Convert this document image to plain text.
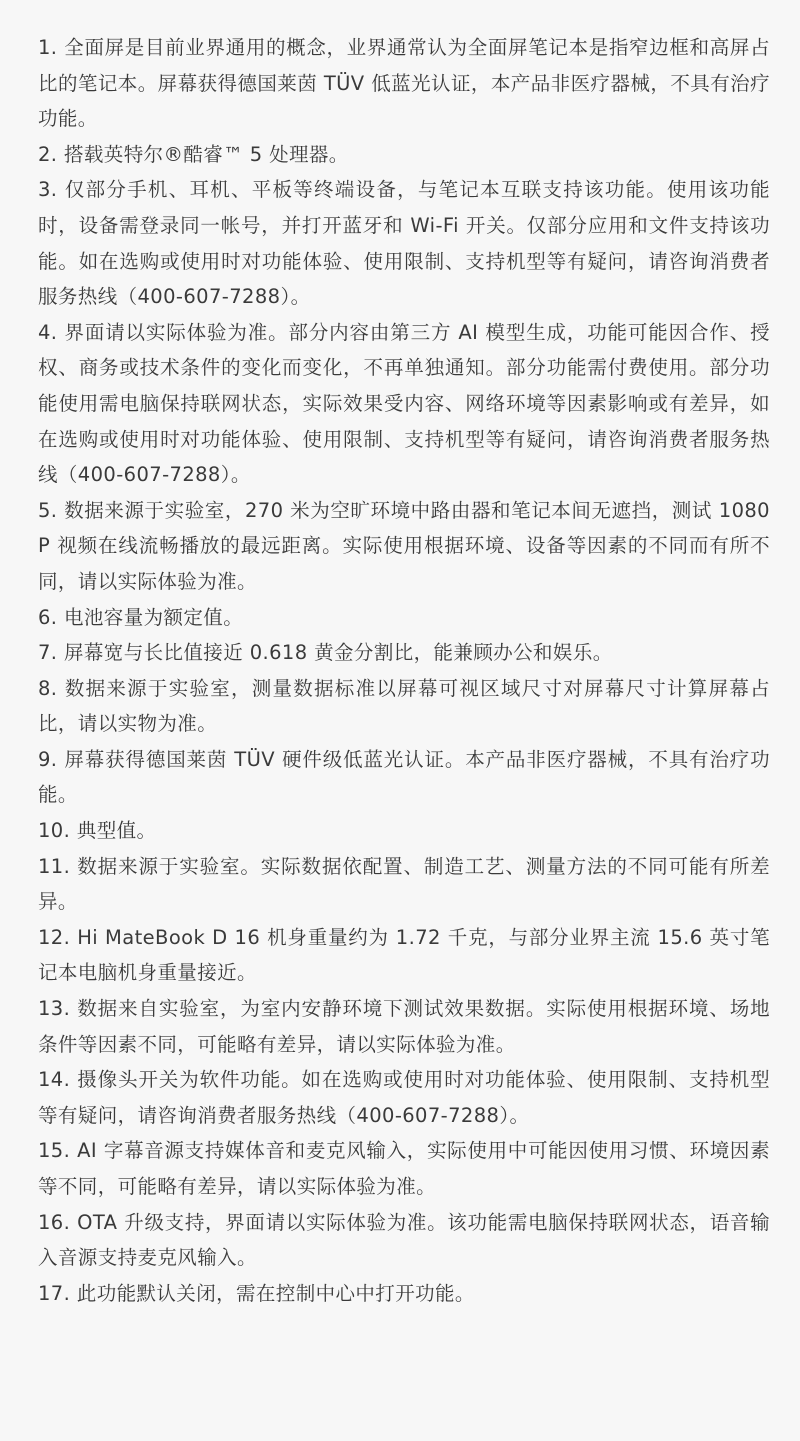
1. 全面屏是目前业界通用的概念，业界通常认为全面屏笔记本是指窄边框和高屏占比的笔记本。屏幕获得德国莱茵 TÜV 低蓝光认证，本产品非医疗器械，不具有治疗功能。
2. 搭载英特尔®酷睿™ 5 处理器。
3. 仅部分手机、耳机、平板等终端设备，与笔记本互联支持该功能。使用该功能时，设备需登录同一帐号，并打开蓝牙和 Wi-Fi 开关。仅部分应用和文件支持该功能。如在选购或使用时对功能体验、使用限制、支持机型等有疑问，请咨询消费者服务热线（400-607-7288）。
4. 界面请以实际体验为准。部分内容由第三方 AI 模型生成，功能可能因合作、授权、商务或技术条件的变化而变化，不再单独通知。部分功能需付费使用。部分功能使用需电脑保持联网状态，实际效果受内容、网络环境等因素影响或有差异，如在选购或使用时对功能体验、使用限制、支持机型等有疑问，请咨询消费者服务热线（400-607-7288）。
5. 数据来源于实验室，270 米为空旷环境中路由器和笔记本间无遮挡，测试 1080P 视频在线流畅播放的最远距离。实际使用根据环境、设备等因素的不同而有所不同，请以实际体验为准。
6. 电池容量为额定值。
7. 屏幕宽与长比值接近 0.618 黄金分割比，能兼顾办公和娱乐。
8. 数据来源于实验室，测量数据标准以屏幕可视区域尺寸对屏幕尺寸计算屏幕占比，请以实物为准。
9. 屏幕获得德国莱茵 TÜV 硬件级低蓝光认证。本产品非医疗器械，不具有治疗功能。
10. 典型值。
11. 数据来源于实验室。实际数据依配置、制造工艺、测量方法的不同可能有所差异。
12. Hi MateBook D 16 机身重量约为 1.72 千克，与部分业界主流 15.6 英寸笔记本电脑机身重量接近。
13. 数据来自实验室，为室内安静环境下测试效果数据。实际使用根据环境、场地条件等因素不同，可能略有差异，请以实际体验为准。
14. 摄像头开关为软件功能。如在选购或使用时对功能体验、使用限制、支持机型等有疑问，请咨询消费者服务热线（400-607-7288）。
15. AI 字幕音源支持媒体音和麦克风输入，实际使用中可能因使用习惯、环境因素等不同，可能略有差异，请以实际体验为准。
16. OTA 升级支持，界面请以实际体验为准。该功能需电脑保持联网状态，语音输入音源支持麦克风输入。
17. 此功能默认关闭，需在控制中心中打开功能。
